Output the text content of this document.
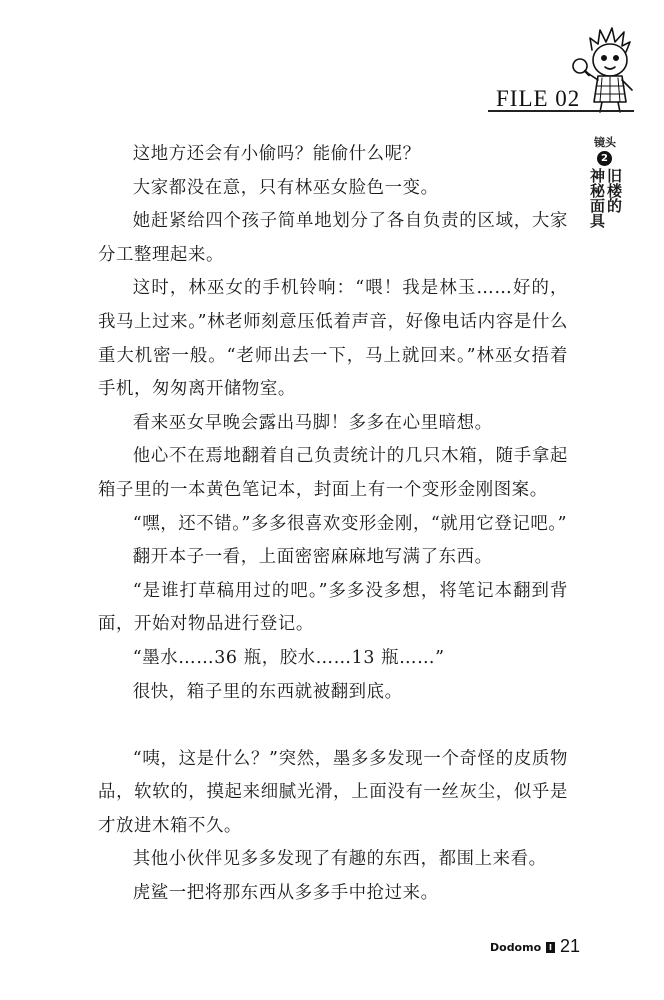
FILE 02
镜头
2
旧楼的
神秘面具

这地方还会有小偷吗？能偷什么呢？

大家都没在意，只有林巫女脸色一变。

她赶紧给四个孩子简单地划分了各自负责的区域，大家分工整理起来。

这时，林巫女的手机铃响：“喂！我是林玉……好的，我马上过来。”林老师刻意压低着声音，好像电话内容是什么重大机密一般。“老师出去一下，马上就回来。”林巫女捂着手机，匆匆离开储物室。

看来巫女早晚会露出马脚！多多在心里暗想。

他心不在焉地翻着自己负责统计的几只木箱，随手拿起箱子里的一本黄色笔记本，封面上有一个变形金刚图案。

“嘿，还不错。”多多很喜欢变形金刚，“就用它登记吧。”

翻开本子一看，上面密密麻麻地写满了东西。

“是谁打草稿用过的吧。”多多没多想，将笔记本翻到背面，开始对物品进行登记。

“墨水……36 瓶，胶水……13 瓶……”

很快，箱子里的东西就被翻到底。

“咦，这是什么？”突然，墨多多发现一个奇怪的皮质物品，软软的，摸起来细腻光滑，上面没有一丝灰尘，似乎是才放进木箱不久。

其他小伙伴见多多发现了有趣的东西，都围上来看。

虎鲨一把将那东西从多多手中抢过来。

Dodomo I 21
